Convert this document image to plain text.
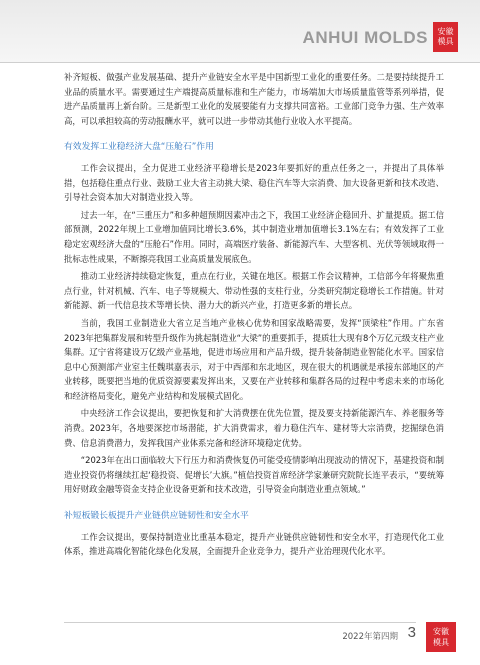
ANHUI MOLDS	安徽
模具

补齐短板、做强产业发展基础、提升产业链安全水平是中国新型工业化的重要任务。二是要持续提升工业品的质量水平。需要通过生产端提高质量标准和生产能力，市场端加大市场质量监管等系列举措，促进产品质量再上新台阶。三是新型工业化的发展要能有力支撑共同富裕。工业部门竞争力强、生产效率高，可以承担较高的劳动报酬水平，就可以进一步带动其他行业收入水平提高。

有效发挥工业稳经济大盘“压舱石”作用

工作会议提出，全力促进工业经济平稳增长是2023年要抓好的重点任务之一，并提出了具体举措，包括稳住重点行业、鼓励工业大省主动挑大梁、稳住汽车等大宗消费、加大设备更新和技术改造、引导社会资本加大对制造业投入等。

过去一年，在“三重压力”和多种超预期因素冲击之下，我国工业经济企稳回升、扩量提质。据工信部预测，2022年规上工业增加值同比增长3.6%，其中制造业增加值增长3.1%左右；有效发挥了工业稳定宏观经济大盘的“压舱石”作用。同时，高端医疗装备、新能源汽车、大型客机、光伏等领域取得一批标志性成果，不断擦亮我国工业高质量发展底色。

推动工业经济持续稳定恢复，重点在行业，关键在地区。根据工作会议精神，工信部今年将聚焦重点行业，针对机械、汽车、电子等规模大、带动性强的支柱行业，分类研究制定稳增长工作措施。针对新能源、新一代信息技术等增长快、潜力大的新兴产业，打造更多新的增长点。

当前，我国工业制造业大省立足当地产业核心优势和国家战略需要，发挥“顶梁柱”作用。广东省2023年把集群发展和转型升级作为挑起制造业“大梁”的重要抓手，提质壮大现有8个万亿元级支柱产业集群。辽宁省将建设万亿级产业基地，促进市场应用和产品升级，提升装备制造业智能化水平。国家信息中心预测部产业室主任魏琪嘉表示，对于中西部和东北地区，现在很大的机遇就是承接东部地区的产业转移，既要把当地的优质资源要素发挥出来，又要在产业转移和集群各局的过程中考虑未来的市场化和经济格局变化，避免产业结构和发展模式固化。

中央经济工作会议提出，要把恢复和扩大消费摆在优先位置，提及要支持新能源汽车、养老服务等消费。2023年，各地要深挖市场潜能，扩大消费需求，着力稳住汽车、建材等大宗消费，挖掘绿色消费、信息消费潜力，发挥我国产业体系完备和经济环境稳定优势。

“2023年在出口面临较大下行压力和消费恢复仍可能受疫情影响出现波动的情况下，基建投资和制造业投资仍将继续扛起‘稳投资、促增长’大旗。”植信投资首席经济学家兼研究院院长连平表示，“要统筹用好财政金融等资金支持企业设备更新和技术改造，引导资金向制造业重点领域。”

补短板锻长板提升产业链供应链韧性和安全水平

工作会议提出，要保持制造业比重基本稳定，提升产业链供应链韧性和安全水平，打造现代化工业体系，推进高端化智能化绿色化发展，全面提升企业竞争力，提升产业治理现代化水平。

2022年第四期 3 安徽
模具
